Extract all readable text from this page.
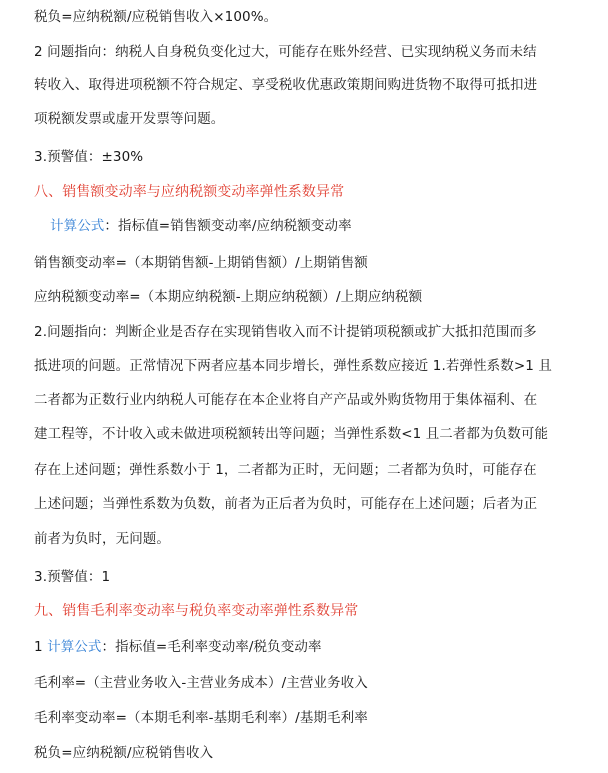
税负=应纳税额/应税销售收入×100%。
2 问题指向：纳税人自身税负变化过大，可能存在账外经营、已实现纳税义务而未结
转收入、取得进项税额不符合规定、享受税收优惠政策期间购进货物不取得可抵扣进
项税额发票或虚开发票等问题。
3.预警值：±30%
八、销售额变动率与应纳税额变动率弹性系数异常
计算公式：指标值=销售额变动率/应纳税额变动率
销售额变动率=（本期销售额-上期销售额）/上期销售额
应纳税额变动率=（本期应纳税额-上期应纳税额）/上期应纳税额
2.问题指向：判断企业是否存在实现销售收入而不计提销项税额或扩大抵扣范围而多
抵进项的问题。正常情况下两者应基本同步增长，弹性系数应接近 1.若弹性系数>1 且
二者都为正数行业内纳税人可能存在本企业将自产产品或外购货物用于集体福利、在
建工程等，不计收入或未做进项税额转出等问题；当弹性系数<1 且二者都为负数可能
存在上述问题；弹性系数小于 1，二者都为正时，无问题；二者都为负时，可能存在
上述问题；当弹性系数为负数，前者为正后者为负时，可能存在上述问题；后者为正
前者为负时，无问题。
3.预警值：1
九、销售毛利率变动率与税负率变动率弹性系数异常
1 计算公式：指标值=毛利率变动率/税负变动率
毛利率=（主营业务收入-主营业务成本）/主营业务收入
毛利率变动率=（本期毛利率-基期毛利率）/基期毛利率
税负=应纳税额/应税销售收入
